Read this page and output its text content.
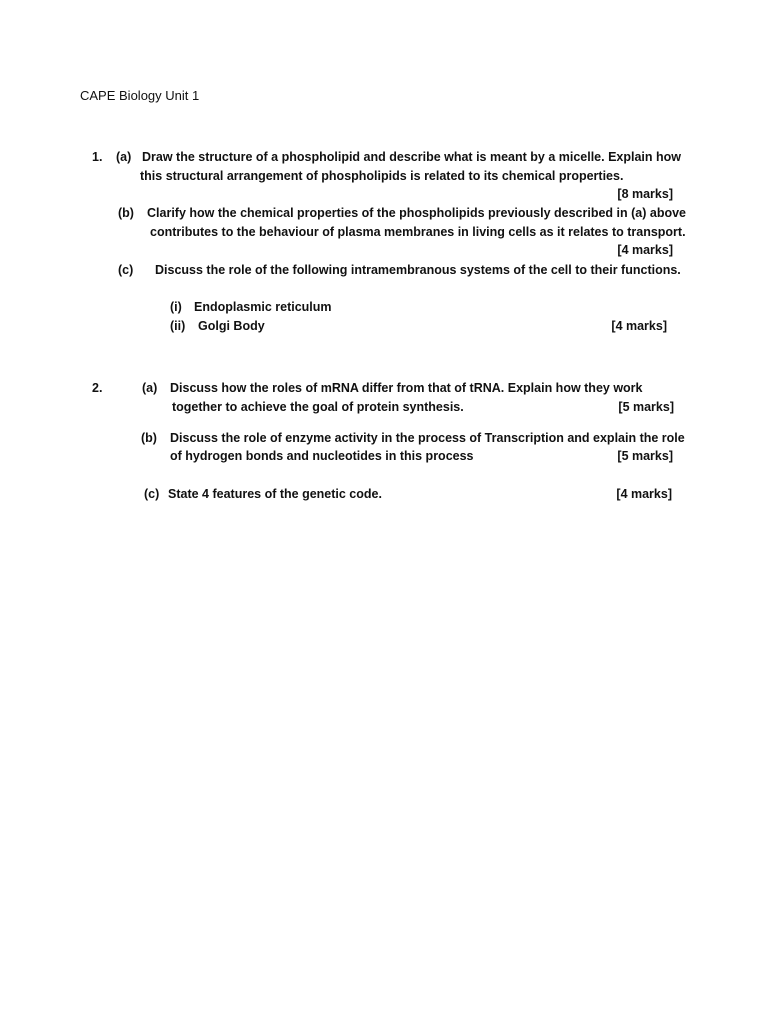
CAPE Biology Unit 1
1. (a) Draw the structure of a phospholipid and describe what is meant by a micelle. Explain how
this structural arrangement of phospholipids is related to its chemical properties.
[8 marks]
(b) Clarify how the chemical properties of the phospholipids previously described in (a) above
contributes to the behaviour of plasma membranes in living cells as it relates to transport.
[4 marks]
(c) Discuss the role of the following intramembranous systems of the cell to their functions.
(i) Endoplasmic reticulum
(ii) Golgi Body	[4 marks]
2.	(a) Discuss how the roles of mRNA differ from that of tRNA. Explain how they work
together to achieve the goal of protein synthesis.	[5 marks]
(b) Discuss the role of enzyme activity in the process of Transcription and explain the role
of hydrogen bonds and nucleotides in this process	[5 marks]
(c) State 4 features of the genetic code.	[4 marks]
